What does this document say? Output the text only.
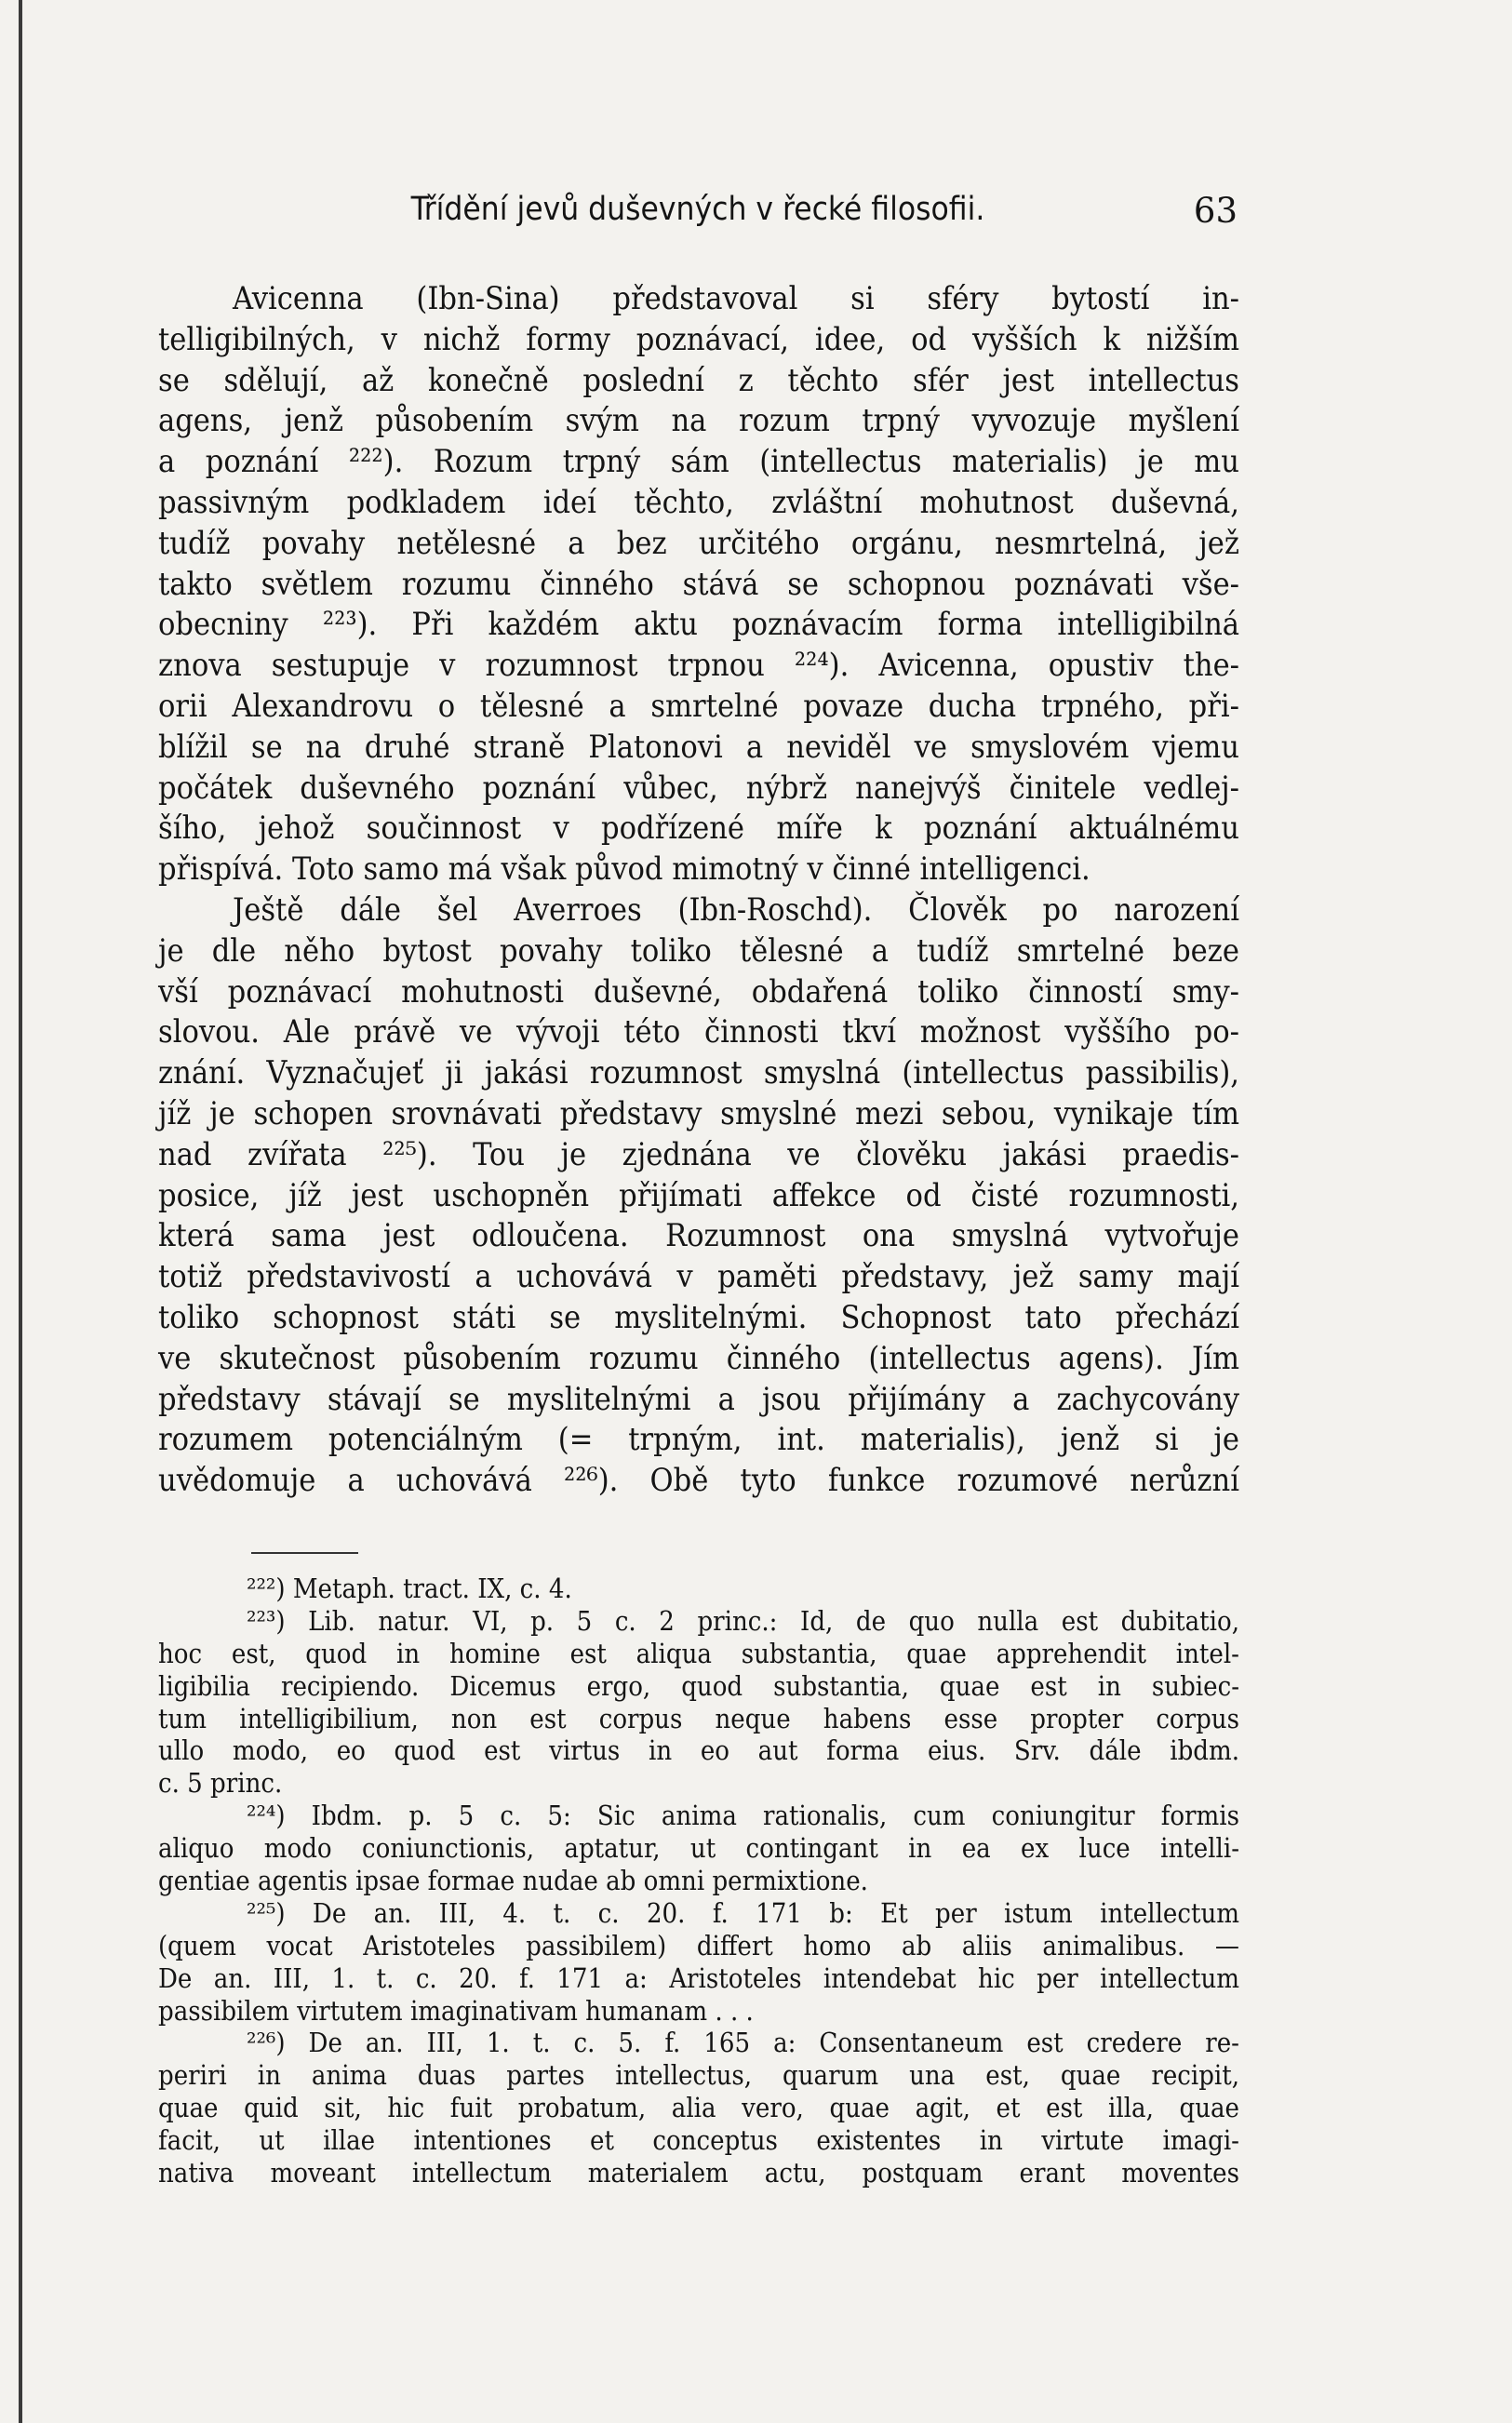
Třídění jevů duševných v řecké filosofii.	63
Avicenna (Ibn-Sina) představoval si sféry bytostí in-
telligibilných, v nichž formy poznávací, idee, od vyšších k nižším
se sdělují, až konečně poslední z těchto sfér jest intellectus
agens, jenž působením svým na rozum trpný vyvozuje myšlení
a poznání ²²²). Rozum trpný sám (intellectus materialis) je mu
passivným podkladem ideí těchto, zvláštní mohutnost duševná,
tudíž povahy netělesné a bez určitého orgánu, nesmrtelná, jež
takto světlem rozumu činného stává se schopnou poznávati vše-
obecniny ²²³). Při každém aktu poznávacím forma intelligibilná
znova sestupuje v rozumnost trpnou ²²⁴). Avicenna, opustiv the-
orii Alexandrovu o tělesné a smrtelné povaze ducha trpného, při-
blížil se na druhé straně Platonovi a neviděl ve smyslovém vjemu
počátek duševného poznání vůbec, nýbrž nanejvýš činitele vedlej-
šího, jehož součinnost v podřízené míře k poznání aktuálnému
přispívá. Toto samo má však původ mimotný v činné intelligenci.
Ještě dále šel Averroes (Ibn-Roschd). Člověk po narození
je dle něho bytost povahy toliko tělesné a tudíž smrtelné beze
vší poznávací mohutnosti duševné, obdařená toliko činností smy-
slovou. Ale právě ve vývoji této činnosti tkví možnost vyššího po-
znání. Vyznačujeť ji jakási rozumnost smyslná (intellectus passibilis),
jíž je schopen srovnávati představy smyslné mezi sebou, vynikaje tím
nad zvířata ²²⁵). Tou je zjednána ve člověku jakási praedis-
posice, jíž jest uschopněn přijímati affekce od čisté rozumnosti,
která sama jest odloučena. Rozumnost ona smyslná vytvořuje
totiž představivostí a uchovává v paměti představy, jež samy mají
toliko schopnost státi se myslitelnými. Schopnost tato přechází
ve skutečnost působením rozumu činného (intellectus agens). Jím
představy stávají se myslitelnými a jsou přijímány a zachycovány
rozumem potenciálným (= trpným, int. materialis), jenž si je
uvědomuje a uchovává ²²⁶). Obě tyto funkce rozumové nerůzní
²²²) Metaph. tract. IX, c. 4.
²²³) Lib. natur. VI, p. 5 c. 2 princ.: Id, de quo nulla est dubitatio,
hoc est, quod in homine est aliqua substantia, quae apprehendit intel-
ligibilia recipiendo. Dicemus ergo, quod substantia, quae est in subiec-
tum intelligibilium, non est corpus neque habens esse propter corpus
ullo modo, eo quod est virtus in eo aut forma eius. Srv. dále ibdm.
c. 5 princ.
²²⁴) Ibdm. p. 5 c. 5: Sic anima rationalis, cum coniungitur formis
aliquo modo coniunctionis, aptatur, ut contingant in ea ex luce intelli-
gentiae agentis ipsae formae nudae ab omni permixtione.
²²⁵) De an. III, 4. t. c. 20. f. 171 b: Et per istum intellectum
(quem vocat Aristoteles passibilem) differt homo ab aliis animalibus. —
De an. III, 1. t. c. 20. f. 171 a: Aristoteles intendebat hic per intellectum
passibilem virtutem imaginativam humanam . . .
²²⁶) De an. III, 1. t. c. 5. f. 165 a: Consentaneum est credere re-
periri in anima duas partes intellectus, quarum una est, quae recipit,
quae quid sit, hic fuit probatum, alia vero, quae agit, et est illa, quae
facit, ut illae intentiones et conceptus existentes in virtute imagi-
nativa moveant intellectum materialem actu, postquam erant moventes
